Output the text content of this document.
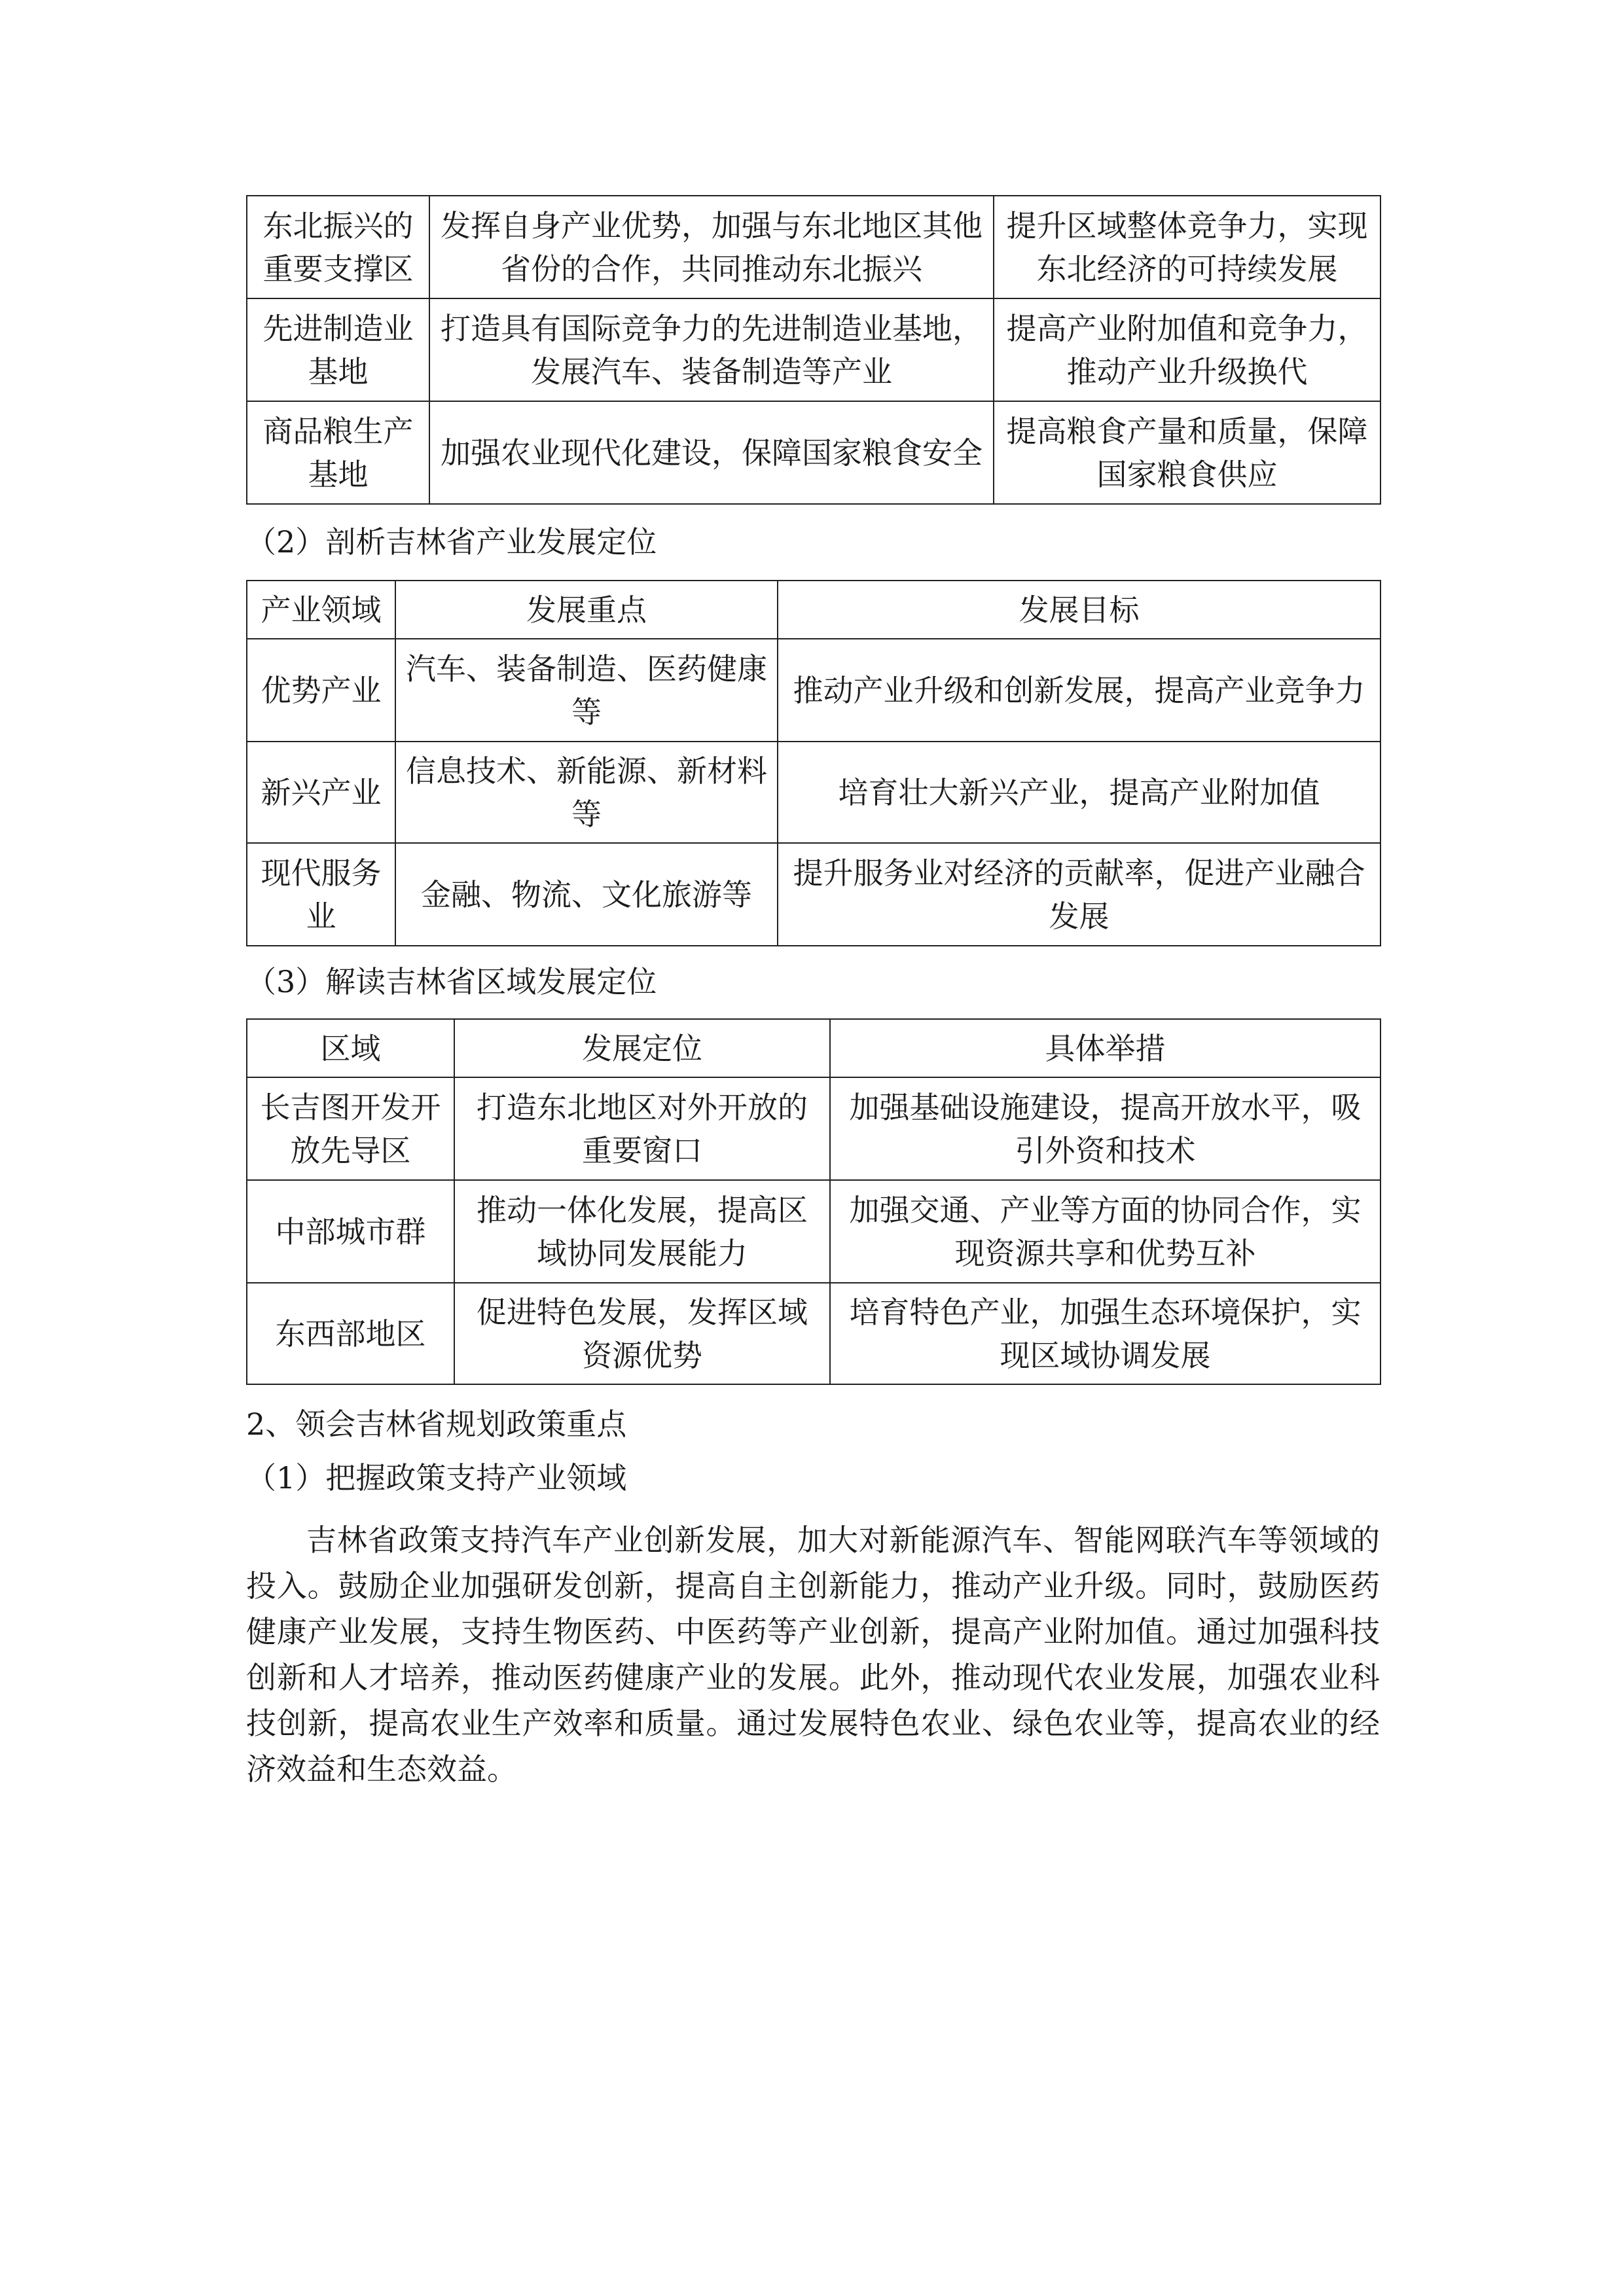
东北振兴的重要支撑区	发挥自身产业优势，加强与东北地区其他省份的合作，共同推动东北振兴	提升区域整体竞争力，实现东北经济的可持续发展
先进制造业基地	打造具有国际竞争力的先进制造业基地，发展汽车、装备制造等产业	提高产业附加值和竞争力，推动产业升级换代
商品粮生产基地	加强农业现代化建设，保障国家粮食安全	提高粮食产量和质量，保障国家粮食供应
（2）剖析吉林省产业发展定位
产业领域	发展重点	发展目标
优势产业	汽车、装备制造、医药健康等	推动产业升级和创新发展，提高产业竞争力
新兴产业	信息技术、新能源、新材料等	培育壮大新兴产业，提高产业附加值
现代服务业	金融、物流、文化旅游等	提升服务业对经济的贡献率，促进产业融合发展
（3）解读吉林省区域发展定位
区域	发展定位	具体举措
长吉图开发开放先导区	打造东北地区对外开放的重要窗口	加强基础设施建设，提高开放水平，吸引外资和技术
中部城市群	推动一体化发展，提高区域协同发展能力	加强交通、产业等方面的协同合作，实现资源共享和优势互补
东西部地区	促进特色发展，发挥区域资源优势	培育特色产业，加强生态环境保护，实现区域协调发展
2、领会吉林省规划政策重点
（1）把握政策支持产业领域

吉林省政策支持汽车产业创新发展，加大对新能源汽车、智能网联汽车等领域的投入。鼓励企业加强研发创新，提高自主创新能力，推动产业升级。同时，鼓励医药健康产业发展，支持生物医药、中医药等产业创新，提高产业附加值。通过加强科技创新和人才培养，推动医药健康产业的发展。此外，推动现代农业发展，加强农业科技创新，提高农业生产效率和质量。通过发展特色农业、绿色农业等，提高农业的经济效益和生态效益。
